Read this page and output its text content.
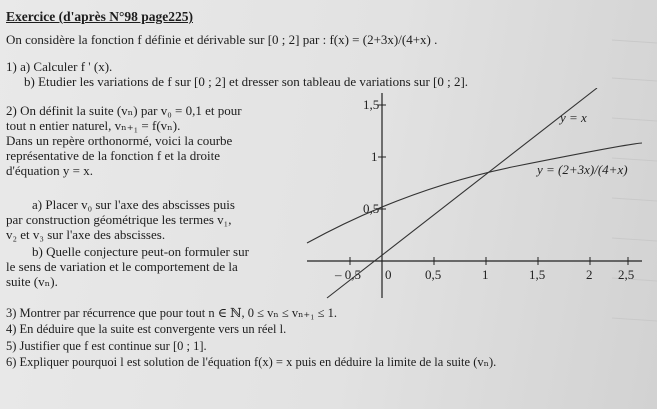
Exercice (d'après N°98 page225)
On considère la fonction f définie et dérivable sur [0 ; 2] par : f(x) = (2+3x)/(4+x) .
1) a) Calculer f ' (x).
b) Etudier les variations de f sur [0 ; 2] et dresser son tableau de variations sur [0 ; 2].
2) On définit la suite (vₙ) par v₀ = 0,1 et pour
tout n entier naturel, vₙ₊₁ = f(vₙ).
Dans un repère orthonormé, voici la courbe
représentative de la fonction f et la droite
d'équation y = x.
a) Placer v₀ sur l'axe des abscisses puis
par construction géométrique les termes v₁,
v₂ et v₃ sur l'axe des abscisses.
b) Quelle conjecture peut-on formuler sur
le sens de variation et le comportement de la
suite (vₙ).
3) Montrer par récurrence que pour tout n ∈ ℕ, 0 ≤ vₙ ≤ vₙ₊₁ ≤ 1.
4) En déduire que la suite est convergente vers un réel l.
5) Justifier que f est continue sur [0 ; 1].
6) Expliquer pourquoi l est solution de l'équation f(x) = x puis en déduire la limite de la suite (vₙ).
y = x
y = (2+3x)/(4+x)
– 0,5 0	0,5	1	1,5	2 2,5
0,5
1
1,5
